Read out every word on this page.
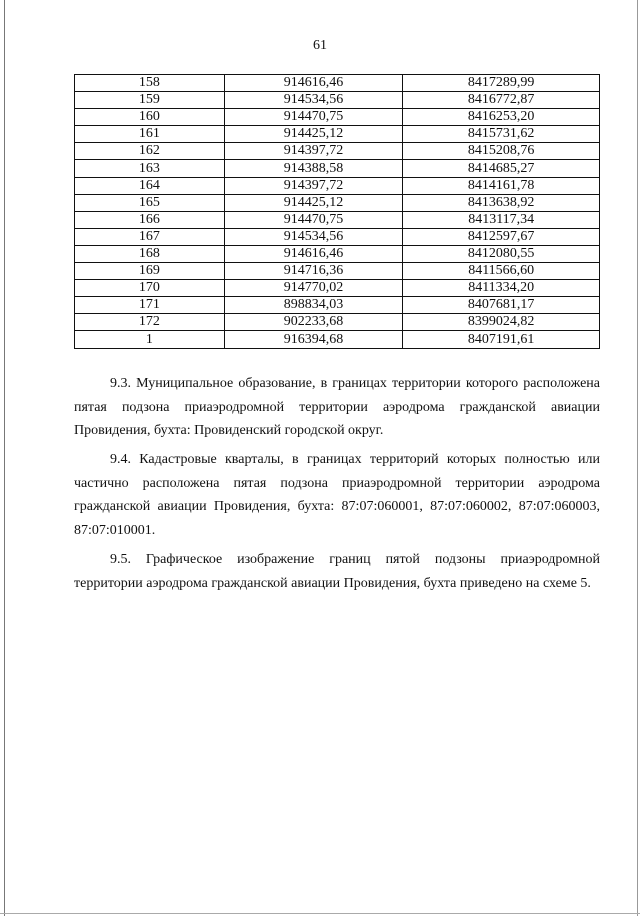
61
158	914616,46	8417289,99
159	914534,56	8416772,87
160	914470,75	8416253,20
161	914425,12	8415731,62
162	914397,72	8415208,76
163	914388,58	8414685,27
164	914397,72	8414161,78
165	914425,12	8413638,92
166	914470,75	8413117,34
167	914534,56	8412597,67
168	914616,46	8412080,55
169	914716,36	8411566,60
170	914770,02	8411334,20
171	898834,03	8407681,17
172	902233,68	8399024,82
1	916394,68	8407191,61

9.3. Муниципальное образование, в границах территории которого расположена пятая подзона приаэродромной территории аэродрома гражданской авиации Провидения, бухта: Провиденский городской округ.

9.4. Кадастровые кварталы, в границах территорий которых полностью или частично расположена пятая подзона приаэродромной территории аэродрома гражданской авиации Провидения, бухта: 87:07:060001, 87:07:060002, 87:07:060003, 87:07:010001.

9.5. Графическое изображение границ пятой подзоны приаэродромной территории аэродрома гражданской авиации Провидения, бухта приведено на схеме 5.
